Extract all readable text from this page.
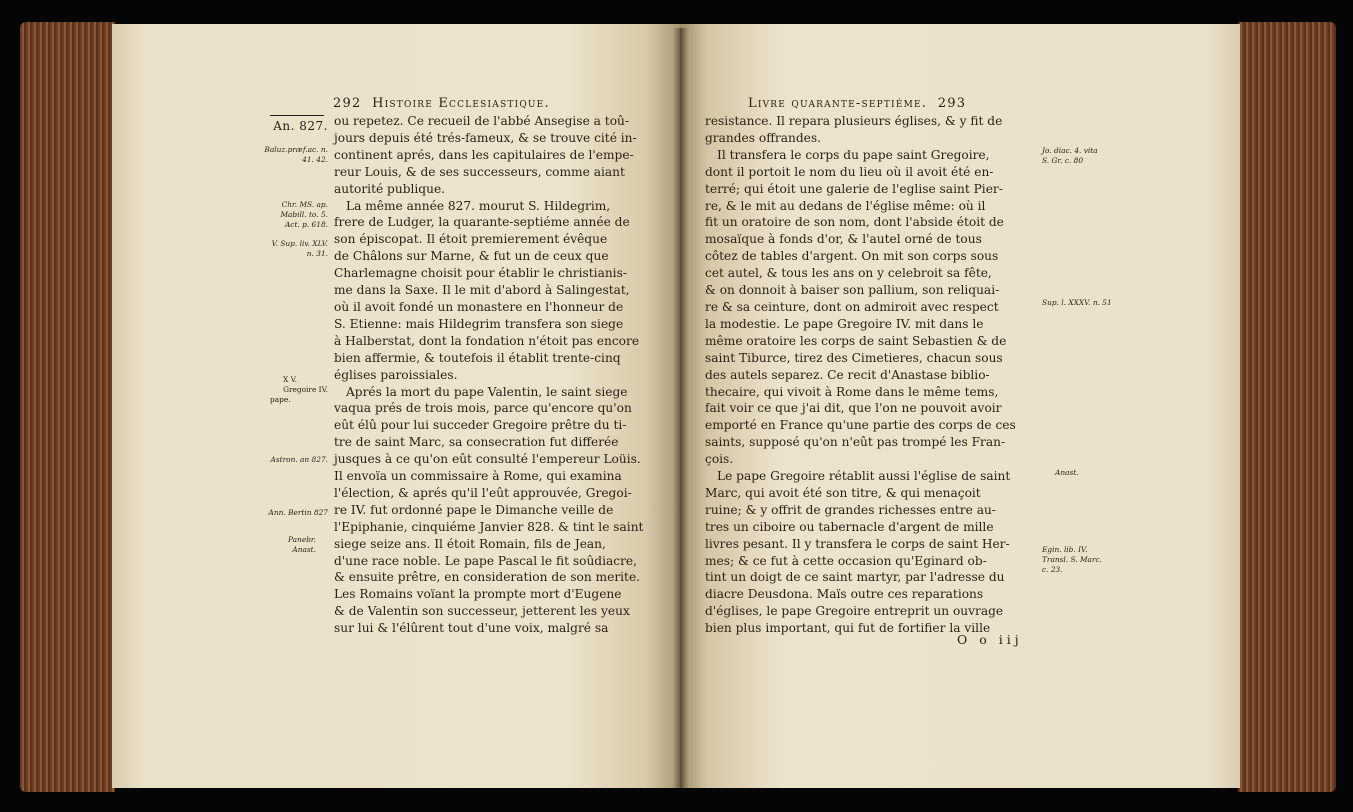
292 Histoire Ecclesiastique.
An. 827.
Baluz.præf.ac. n.
41. 42.
Chr. MS. ap.
Mabill. to. 5.
Act. p. 618.
V. Sup. liv. XLV.
n. 31.
X V.
Gregoire IV.
pape.
Astron. an 827.
Ann. Bertin 827
Panebr.
Anast.
ou repetez. Ce recueil de l'abbé Ansegise a toû-
jours depuis été trés-fameux, & se trouve cité in-
continent aprés, dans les capitulaires de l'empe-
reur Louis, & de ses successeurs, comme aiant
autorité publique.
La même année 827. mourut S. Hildegrim,
frere de Ludger, la quarante-septiéme année de
son épiscopat. Il étoit premierement évêque
de Châlons sur Marne, & fut un de ceux que
Charlemagne choisit pour établir le christianis-
me dans la Saxe. Il le mit d'abord à Salingestat,
où il avoit fondé un monastere en l'honneur de
S. Etienne: mais Hildegrim transfera son siege
à Halberstat, dont la fondation n'étoit pas encore
bien affermie, & toutefois il établit trente-cinq
églises paroissiales.
Aprés la mort du pape Valentin, le saint siege
vaqua prés de trois mois, parce qu'encore qu'on
eût élû pour lui succeder Gregoire prêtre du ti-
tre de saint Marc, sa consecration fut differée
jusques à ce qu'on eût consulté l'empereur Loüis.
Il envoïa un commissaire à Rome, qui examina
l'élection, & aprés qu'il l'eût approuvée, Gregoi-
re IV. fut ordonné pape le Dimanche veille de
l'Epiphanie, cinquiéme Janvier 828. & tint le saint
siege seize ans. Il étoit Romain, fils de Jean,
d'une race noble. Le pape Pascal le fit soûdiacre,
& ensuite prêtre, en consideration de son merite.
Les Romains voïant la prompte mort d'Eugene
& de Valentin son successeur, jetterent les yeux
sur lui & l'élûrent tout d'une voix, malgré sa
Livre quarante-septiéme. 293
resistance. Il repara plusieurs églises, & y fit de
grandes offrandes.
Il transfera le corps du pape saint Gregoire,
dont il portoit le nom du lieu où il avoit été en-
terré; qui étoit une galerie de l'eglise saint Pier-
re, & le mit au dedans de l'église même: où il
fit un oratoire de son nom, dont l'abside étoit de
mosaïque à fonds d'or, & l'autel orné de tous
côtez de tables d'argent. On mit son corps sous
cet autel, & tous les ans on y celebroit sa fête,
& on donnoit à baiser son pallium, son reliquai-
re & sa ceinture, dont on admiroit avec respect
la modestie. Le pape Gregoire IV. mit dans le
même oratoire les corps de saint Sebastien & de
saint Tiburce, tirez des Cimetieres, chacun sous
des autels separez. Ce recit d'Anastase biblio-
thecaire, qui vivoit à Rome dans le même tems,
fait voir ce que j'ai dit, que l'on ne pouvoit avoir
emporté en France qu'une partie des corps de ces
saints, supposé qu'on n'eût pas trompé les Fran-
çois.
Le pape Gregoire rétablit aussi l'église de saint
Marc, qui avoit été son titre, & qui menaçoit
ruine; & y offrit de grandes richesses entre au-
tres un ciboire ou tabernacle d'argent de mille
livres pesant. Il y transfera le corps de saint Her-
mes; & ce fut à cette occasion qu'Eginard ob-
tint un doigt de ce saint martyr, par l'adresse du
diacre Deusdona. Maïs outre ces reparations
d'églises, le pape Gregoire entreprit un ouvrage
bien plus important, qui fut de fortifier la ville
Jo. diac. 4. vita
S. Gr. c. 80
Sup. l. XXXV. n. 51
Anast.
Egin. lib. IV.
Transl. S. Marc.
c. 23.
O o iij
